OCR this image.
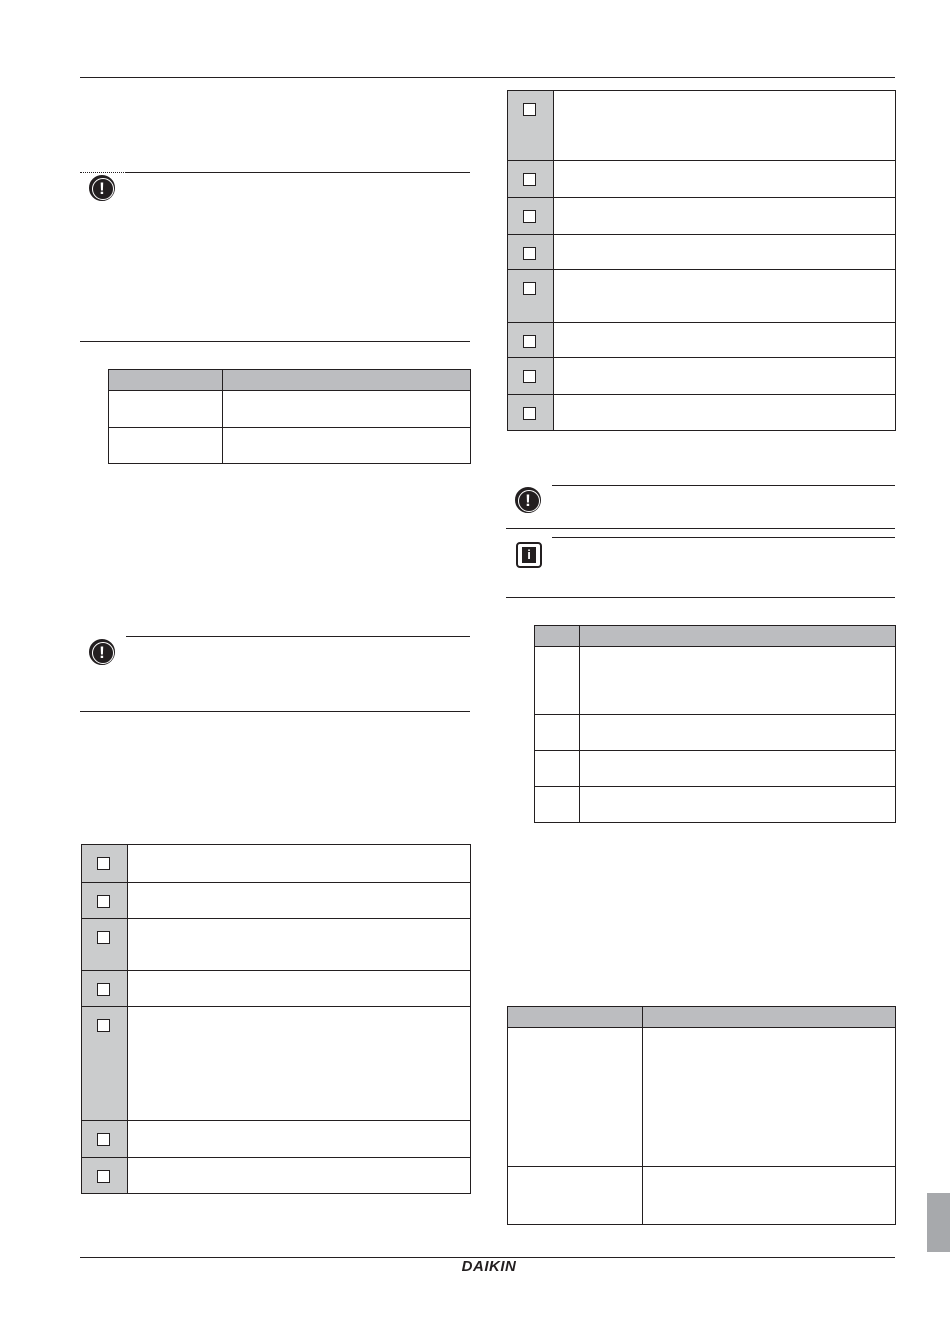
!

!
!
i

DAIKIN
